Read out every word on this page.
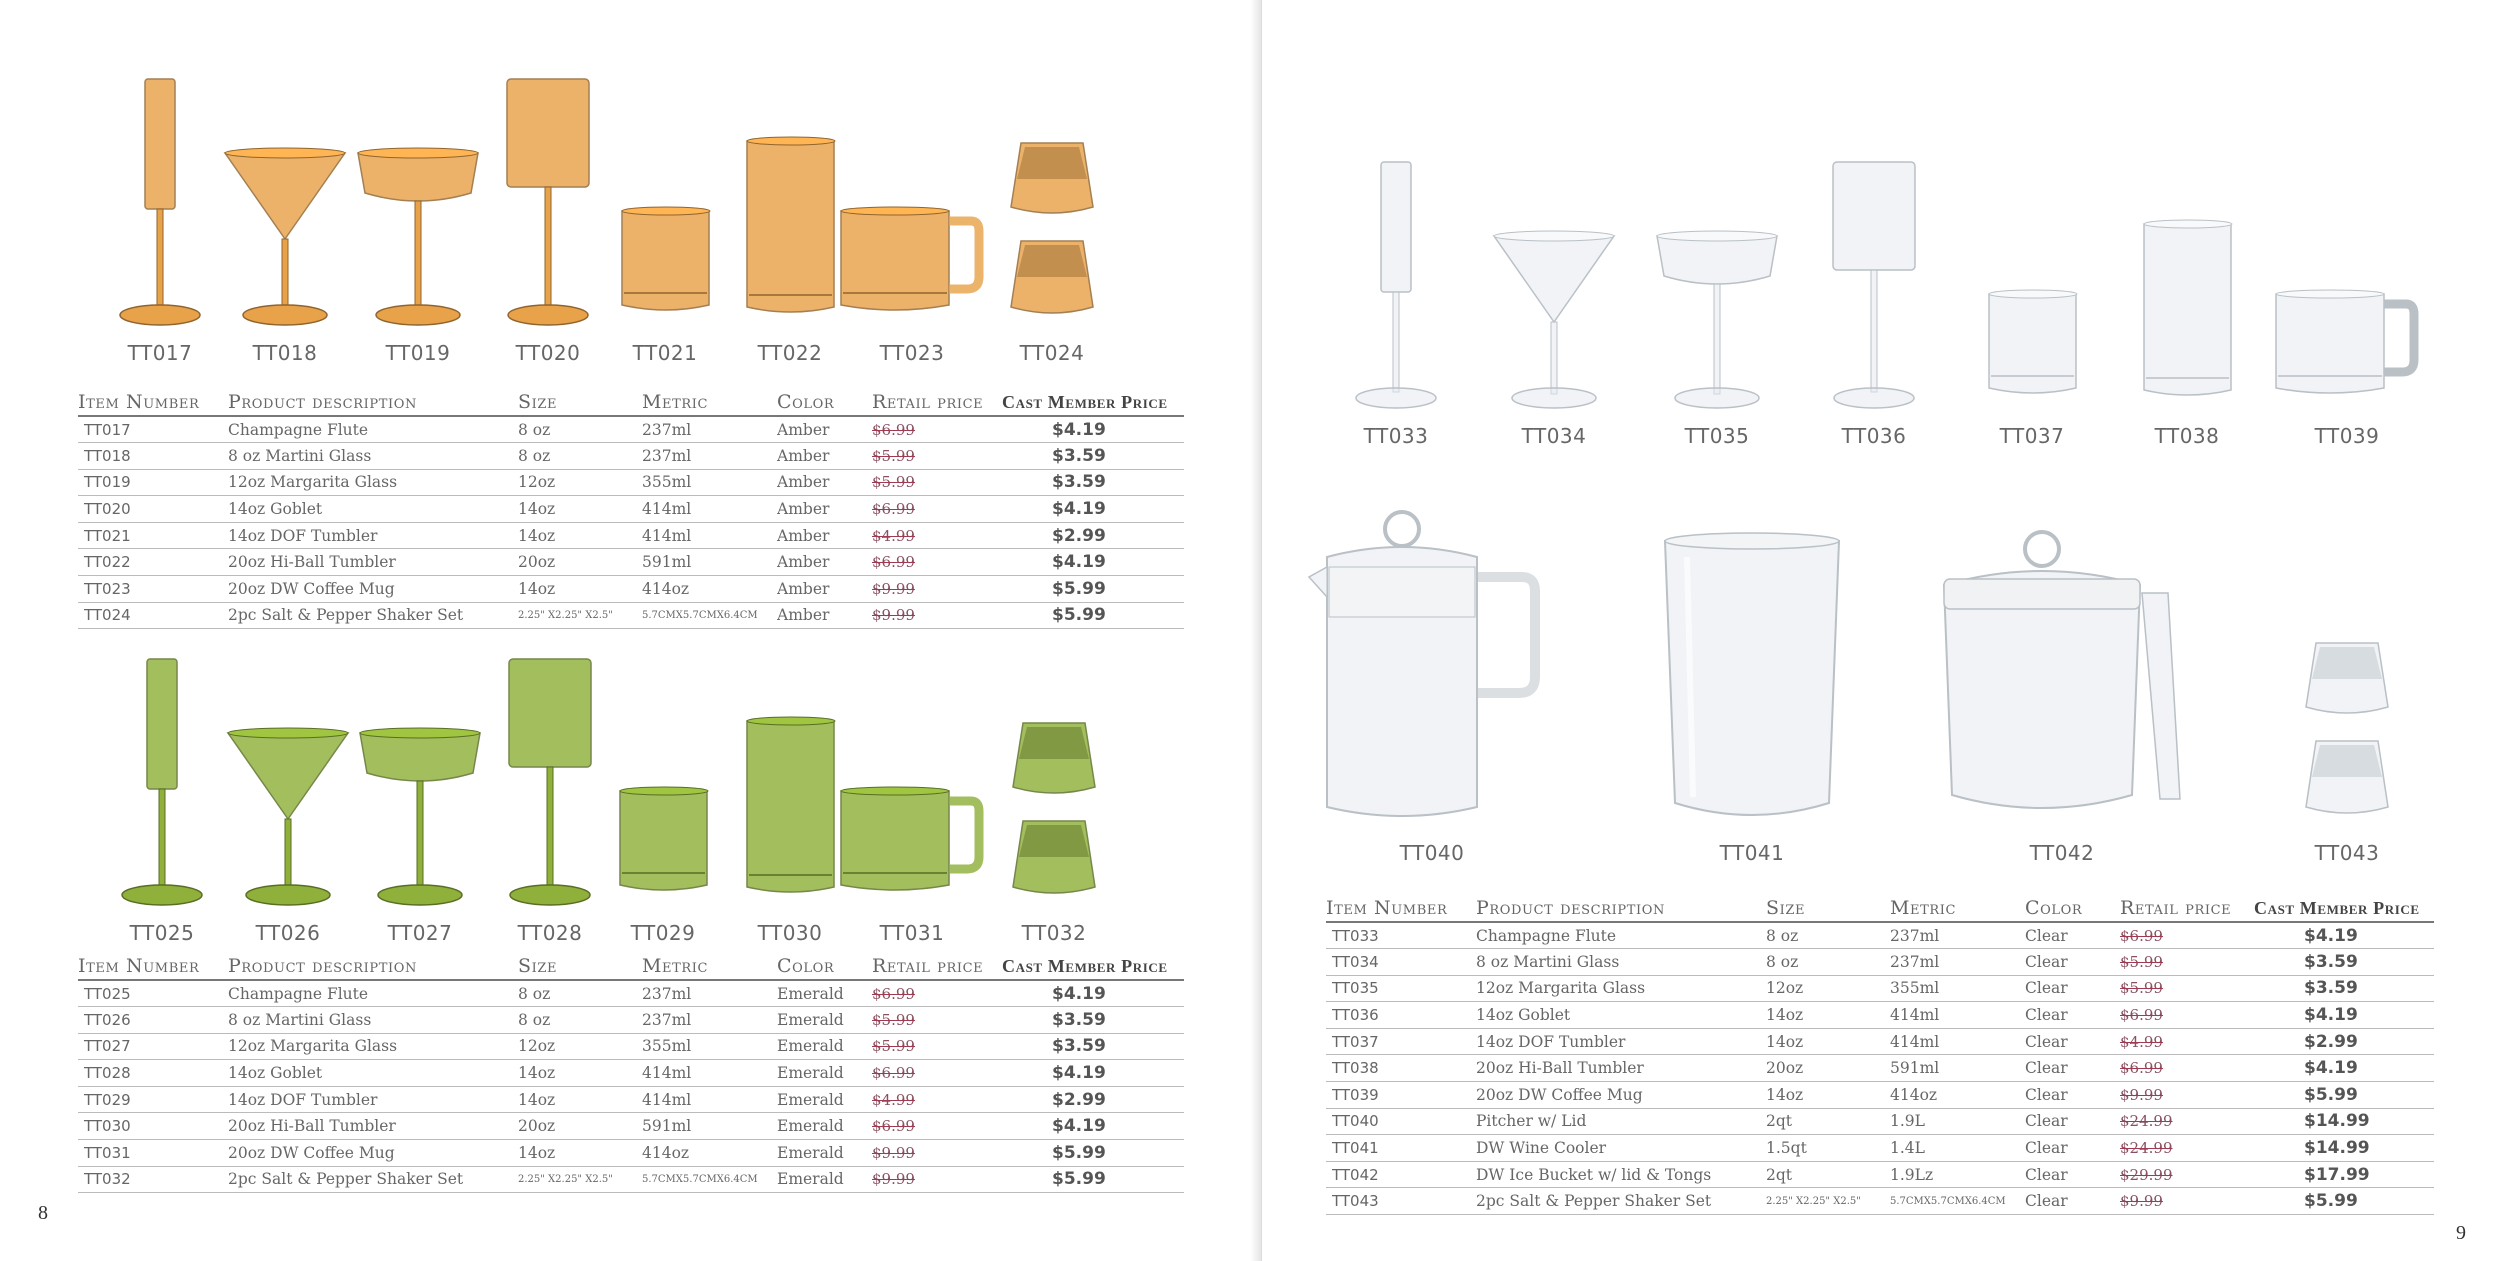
TT017	TT018	TT019	TT020	TT021	TT022	TT023	TT024
Item Number	Product description	Size	Metric	Color	Retail price	Cast Member Price
TT017	Champagne Flute	8 oz	237ml	Amber	$6.99	$4.19
TT018	8 oz Martini Glass	8 oz	237ml	Amber	$5.99	$3.59
TT019	12oz Margarita Glass	12oz	355ml	Amber	$5.99	$3.59
TT020	14oz Goblet	14oz	414ml	Amber	$6.99	$4.19
TT021	14oz DOF Tumbler	14oz	414ml	Amber	$4.99	$2.99
TT022	20oz Hi-Ball Tumbler	20oz	591ml	Amber	$6.99	$4.19
TT023	20oz DW Coffee Mug	14oz	414oz	Amber	$9.99	$5.99
TT024	2pc Salt & Pepper Shaker Set	2.25" X2.25" X2.5"	5.7CMX5.7CMX6.4CM	Amber	$9.99	$5.99
TT025	TT026	TT027	TT028	TT029	TT030	TT031	TT032
Item Number	Product description	Size	Metric	Color	Retail price	Cast Member Price
TT025	Champagne Flute	8 oz	237ml	Emerald	$6.99	$4.19
TT026	8 oz Martini Glass	8 oz	237ml	Emerald	$5.99	$3.59
TT027	12oz Margarita Glass	12oz	355ml	Emerald	$5.99	$3.59
TT028	14oz Goblet	14oz	414ml	Emerald	$6.99	$4.19
TT029	14oz DOF Tumbler	14oz	414ml	Emerald	$4.99	$2.99
TT030	20oz Hi-Ball Tumbler	20oz	591ml	Emerald	$6.99	$4.19
TT031	20oz DW Coffee Mug	14oz	414oz	Emerald	$9.99	$5.99
TT032	2pc Salt & Pepper Shaker Set	2.25" X2.25" X2.5"	5.7CMX5.7CMX6.4CM	Emerald	$9.99	$5.99
8
TT033	TT034	TT035	TT036	TT037	TT038	TT039
TT040	TT041	TT042	TT043
Item Number	Product description	Size	Metric	Color	Retail price	Cast Member Price
TT033	Champagne Flute	8 oz	237ml	Clear	$6.99	$4.19
TT034	8 oz Martini Glass	8 oz	237ml	Clear	$5.99	$3.59
TT035	12oz Margarita Glass	12oz	355ml	Clear	$5.99	$3.59
TT036	14oz Goblet	14oz	414ml	Clear	$6.99	$4.19
TT037	14oz DOF Tumbler	14oz	414ml	Clear	$4.99	$2.99
TT038	20oz Hi-Ball Tumbler	20oz	591ml	Clear	$6.99	$4.19
TT039	20oz DW Coffee Mug	14oz	414oz	Clear	$9.99	$5.99
TT040	Pitcher w/ Lid	2qt	1.9L	Clear	$24.99	$14.99
TT041	DW Wine Cooler	1.5qt	1.4L	Clear	$24.99	$14.99
TT042	DW Ice Bucket w/ lid & Tongs	2qt	1.9Lz	Clear	$29.99	$17.99
TT043	2pc Salt & Pepper Shaker Set	2.25" X2.25" X2.5"	5.7CMX5.7CMX6.4CM	Clear	$9.99	$5.99
9
